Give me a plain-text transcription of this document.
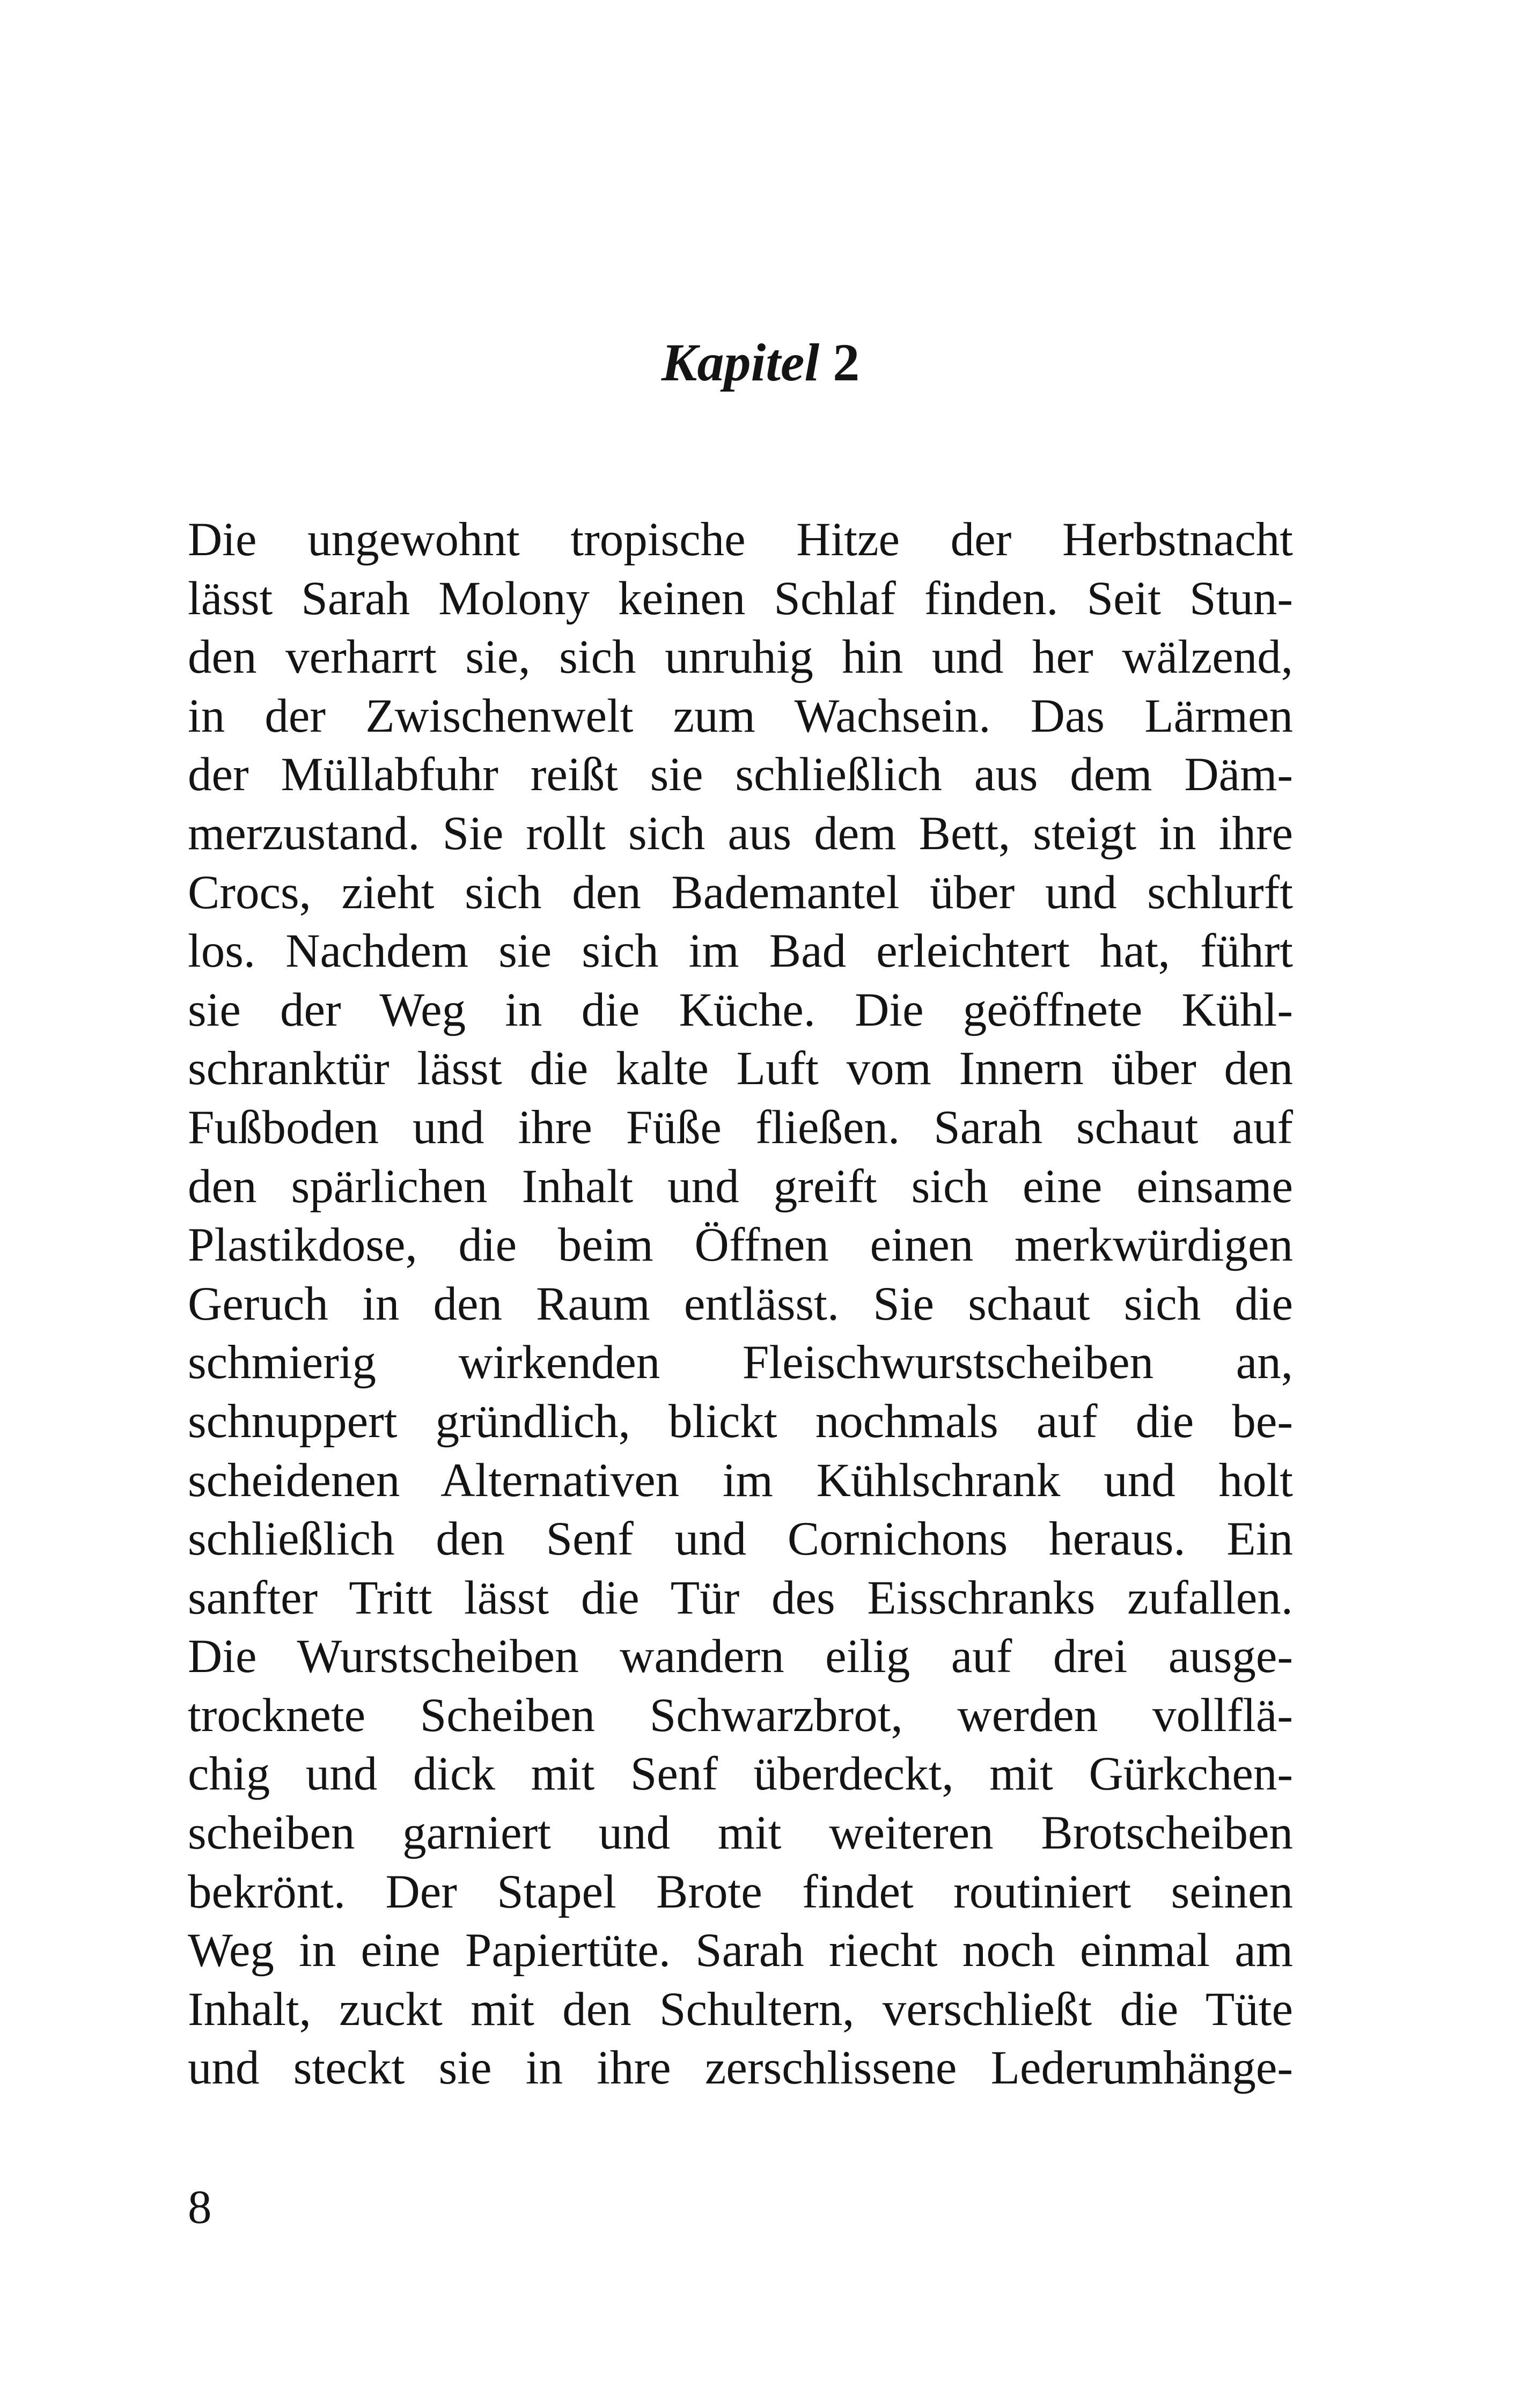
Kapitel 2
Die ungewohnt tropische Hitze der Herbstnacht
lässt Sarah Molony keinen Schlaf finden. Seit Stun-
den verharrt sie, sich unruhig hin und her wälzend,
in der Zwischenwelt zum Wachsein. Das Lärmen
der Müllabfuhr reißt sie schließlich aus dem Däm-
merzustand. Sie rollt sich aus dem Bett, steigt in ihre
Crocs, zieht sich den Bademantel über und schlurft
los. Nachdem sie sich im Bad erleichtert hat, führt
sie der Weg in die Küche. Die geöffnete Kühl-
schranktür lässt die kalte Luft vom Innern über den
Fußboden und ihre Füße fließen. Sarah schaut auf
den spärlichen Inhalt und greift sich eine einsame
Plastikdose, die beim Öffnen einen merkwürdigen
Geruch in den Raum entlässt. Sie schaut sich die
schmierig wirkenden Fleischwurstscheiben an,
schnuppert gründlich, blickt nochmals auf die be-
scheidenen Alternativen im Kühlschrank und holt
schließlich den Senf und Cornichons heraus. Ein
sanfter Tritt lässt die Tür des Eisschranks zufallen.
Die Wurstscheiben wandern eilig auf drei ausge-
trocknete Scheiben Schwarzbrot, werden vollflä-
chig und dick mit Senf überdeckt, mit Gürkchen-
scheiben garniert und mit weiteren Brotscheiben
bekrönt. Der Stapel Brote findet routiniert seinen
Weg in eine Papiertüte. Sarah riecht noch einmal am
Inhalt, zuckt mit den Schultern, verschließt die Tüte
und steckt sie in ihre zerschlissene Lederumhänge-
8
